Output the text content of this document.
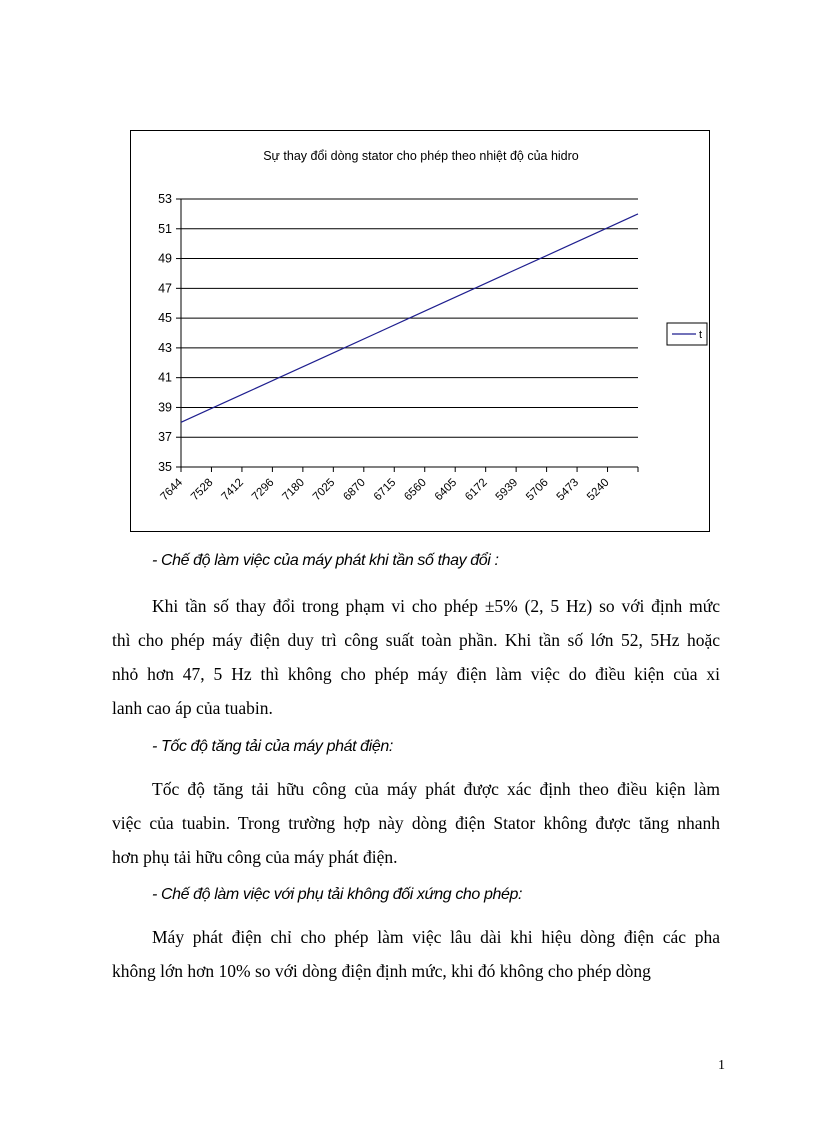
Sự thay đổi dòng stator cho phép theo nhiệt độ của hidro
35
37
39
41
43
45
47
49
51
53
7644 7528 7412 7296 7180 7025 6870 6715 6560 6405 6172 5939 5706 5473 5240
t
- Chế độ làm việc của máy phát khi tần số thay đổi :
Khi tần số thay đổi trong phạm vi cho phép ±5% (2, 5 Hz) so với định mức
thì cho phép máy điện duy trì công suất toàn phần. Khi tần số lớn 52, 5Hz hoặc
nhỏ hơn 47, 5 Hz thì không cho phép máy điện làm việc do điều kiện của xi
lanh cao áp của tuabin.
- Tốc độ tăng tải của máy phát điện:
Tốc độ tăng tải hữu công của máy phát được xác định theo điều kiện làm
việc của tuabin. Trong trường hợp này dòng điện Stator không được tăng nhanh
hơn phụ tải hữu công của máy phát điện.
- Chế độ làm việc với phụ tải không đối xứng cho phép:
Máy phát điện chỉ cho phép làm việc lâu dài khi hiệu dòng điện các pha
không lớn hơn 10% so với dòng điện định mức, khi đó không cho phép dòng
1
